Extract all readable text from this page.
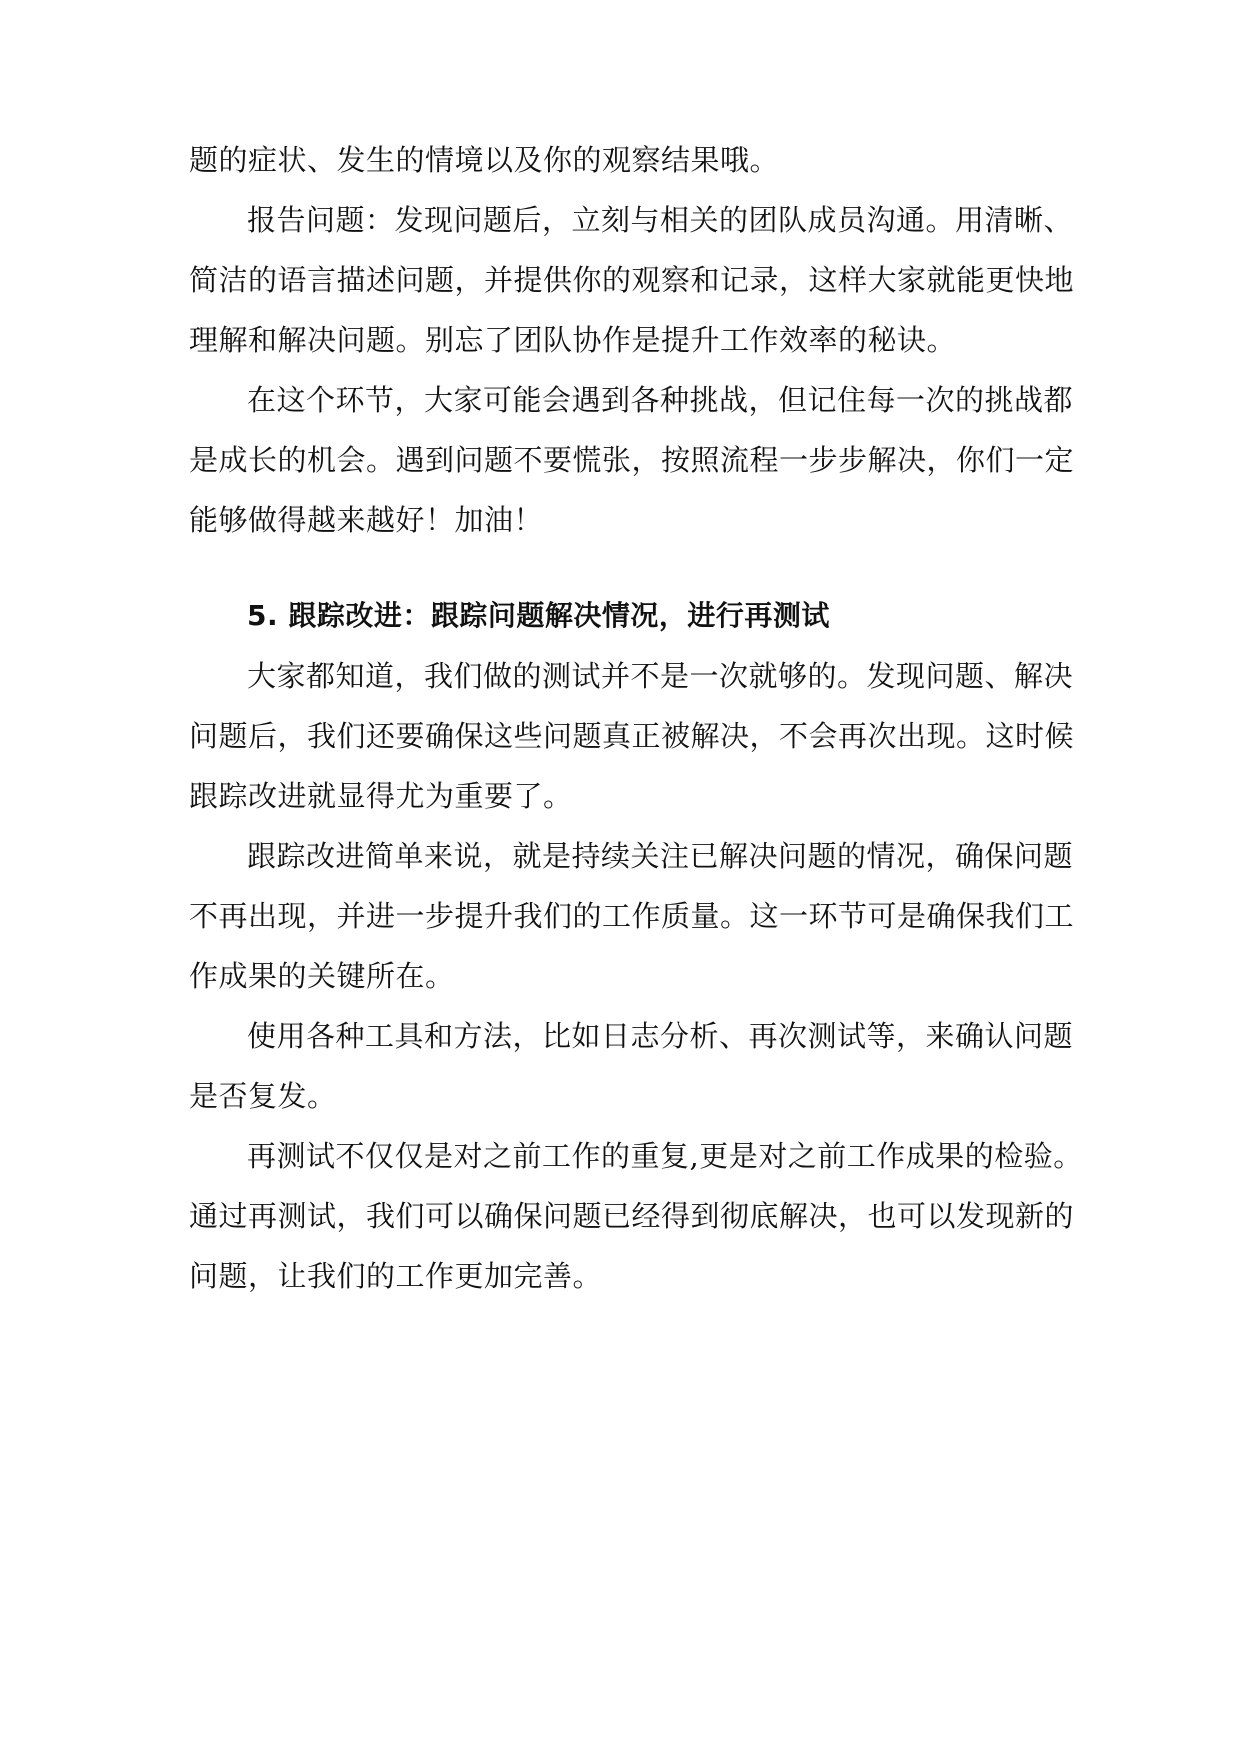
题的症状、发生的情境以及你的观察结果哦。
报告问题：发现问题后，立刻与相关的团队成员沟通。用清晰、
简洁的语言描述问题，并提供你的观察和记录，这样大家就能更快地
理解和解决问题。别忘了团队协作是提升工作效率的秘诀。
在这个环节，大家可能会遇到各种挑战，但记住每一次的挑战都
是成长的机会。遇到问题不要慌张，按照流程一步步解决，你们一定
能够做得越来越好！加油！
5. 跟踪改进：跟踪问题解决情况，进行再测试
大家都知道，我们做的测试并不是一次就够的。发现问题、解决
问题后，我们还要确保这些问题真正被解决，不会再次出现。这时候
跟踪改进就显得尤为重要了。
跟踪改进简单来说，就是持续关注已解决问题的情况，确保问题
不再出现，并进一步提升我们的工作质量。这一环节可是确保我们工
作成果的关键所在。
使用各种工具和方法，比如日志分析、再次测试等，来确认问题
是否复发。
再测试不仅仅是对之前工作的重复,更是对之前工作成果的检验。
通过再测试，我们可以确保问题已经得到彻底解决，也可以发现新的
问题，让我们的工作更加完善。
